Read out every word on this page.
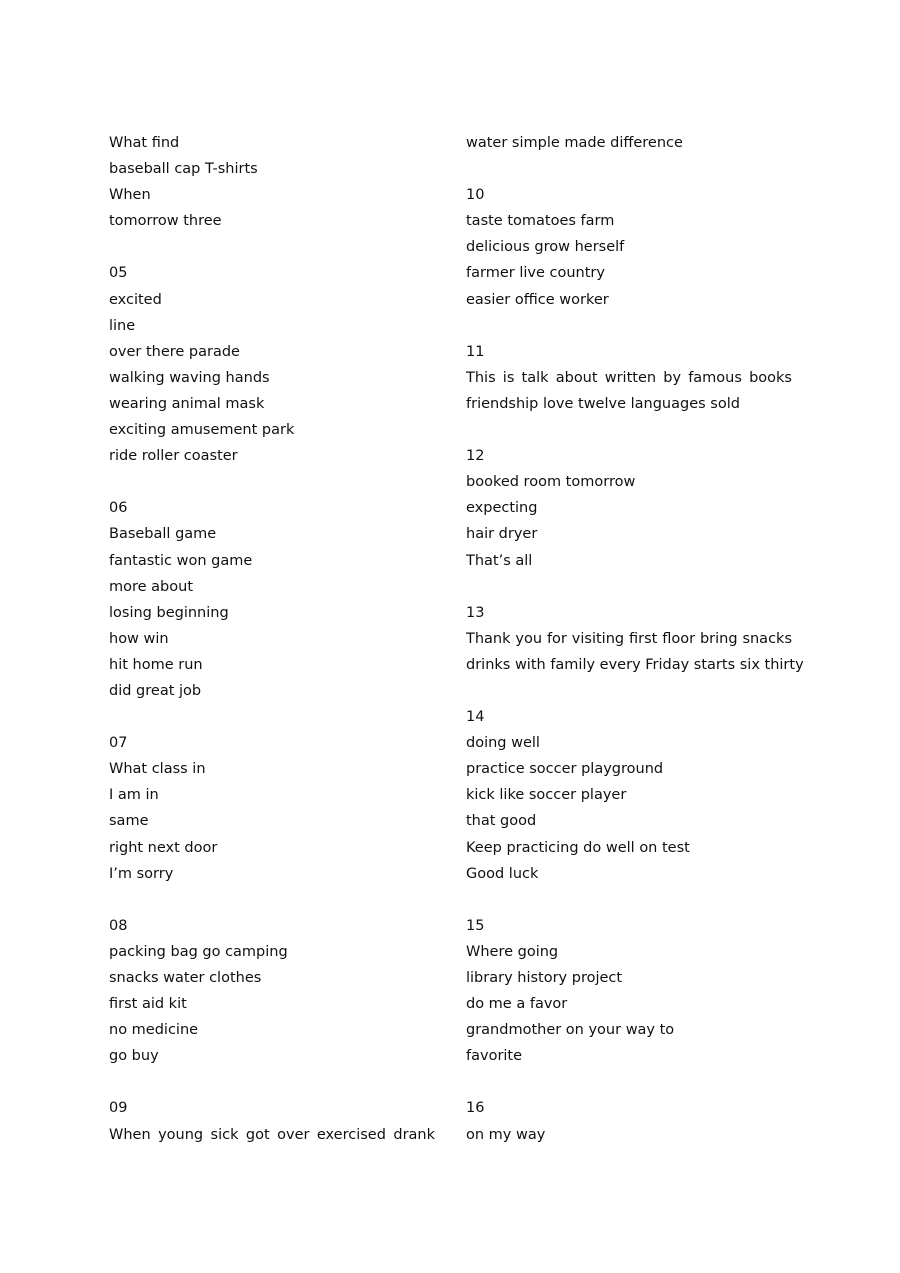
What find
baseball cap T-shirts
When
tomorrow three
05
excited
line
over there parade
walking waving hands
wearing animal mask
exciting amusement park
ride roller coaster
06
Baseball game
fantastic won game
more about
losing beginning
how win
hit home run
did great job
07
What class in
I am in
same
right next door
I’m sorry
08
packing bag go camping
snacks water clothes
first aid kit
no medicine
go buy
09
When young sick got over exercised drank
water simple made difference
10
taste tomatoes farm
delicious grow herself
farmer live country
easier office worker
11
This is talk about written by famous books
friendship love twelve languages sold
12
booked room tomorrow
expecting
hair dryer
That’s all
13
Thank you for visiting first floor bring snacks
drinks with family every Friday starts six thirty
14
doing well
practice soccer playground
kick like soccer player
that good
Keep practicing do well on test
Good luck
15
Where going
library history project
do me a favor
grandmother on your way to
favorite
16
on my way
